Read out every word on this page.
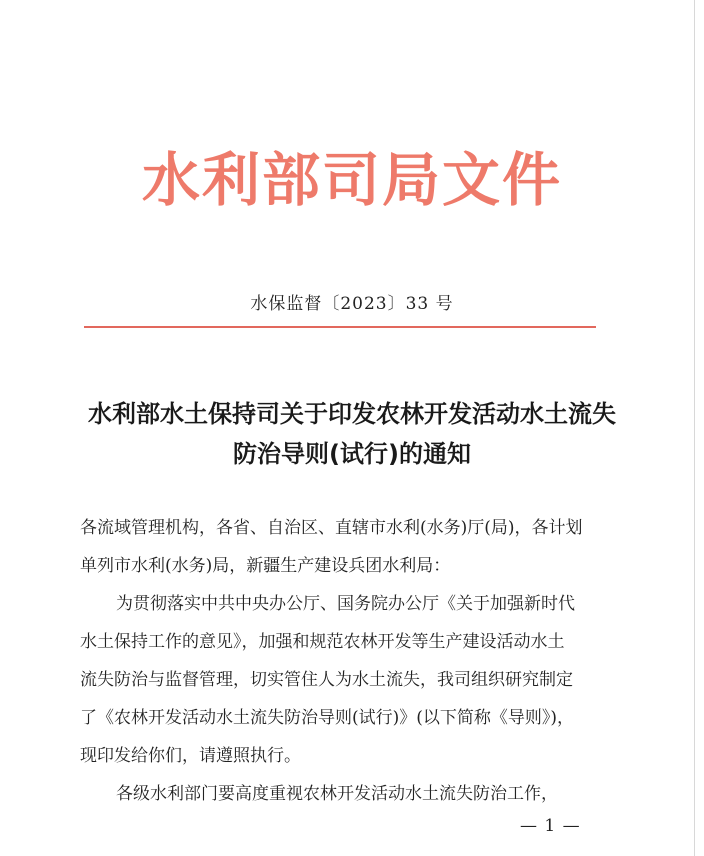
水利部司局文件
水保监督〔2023〕33 号
水利部水土保持司关于印发农林开发活动水土流失
防治导则(试行)的通知
各流域管理机构，各省、自治区、直辖市水利(水务)厅(局)，各计划
单列市水利(水务)局，新疆生产建设兵团水利局：
为贯彻落实中共中央办公厅、国务院办公厅《关于加强新时代
水土保持工作的意见》，加强和规范农林开发等生产建设活动水土
流失防治与监督管理，切实管住人为水土流失，我司组织研究制定
了《农林开发活动水土流失防治导则(试行)》(以下简称《导则》)，
现印发给你们，请遵照执行。
各级水利部门要高度重视农林开发活动水土流失防治工作，
— 1 —
